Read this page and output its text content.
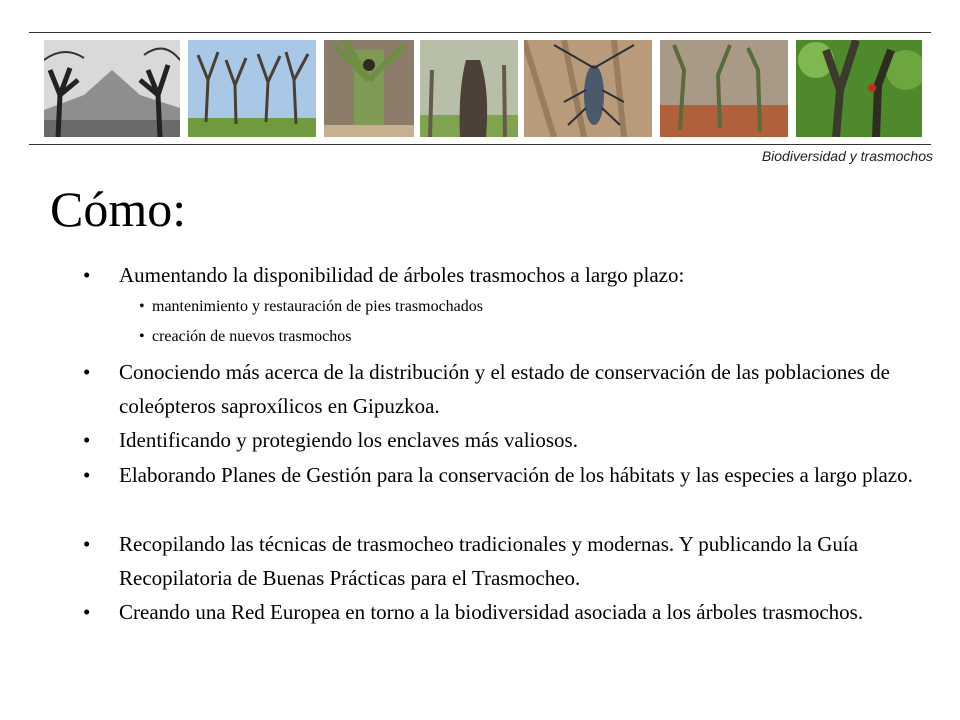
Biodiversidad y trasmochos
Cómo:
• Aumentando la disponibilidad de árboles trasmochos a largo plazo:
• mantenimiento y restauración de pies trasmochados
• creación de nuevos trasmochos
• Conociendo más acerca de la distribución y el estado de conservación de las poblaciones de coleópteros saproxílicos en Gipuzkoa.
• Identificando y protegiendo los enclaves más valiosos.
• Elaborando Planes de Gestión para la conservación de los hábitats y las especies a largo plazo.
• Recopilando las técnicas de trasmocheo tradicionales y modernas. Y publicando la Guía Recopilatoria de Buenas Prácticas para el Trasmocheo.
• Creando una Red Europea en torno a la biodiversidad asociada a los árboles trasmochos.
